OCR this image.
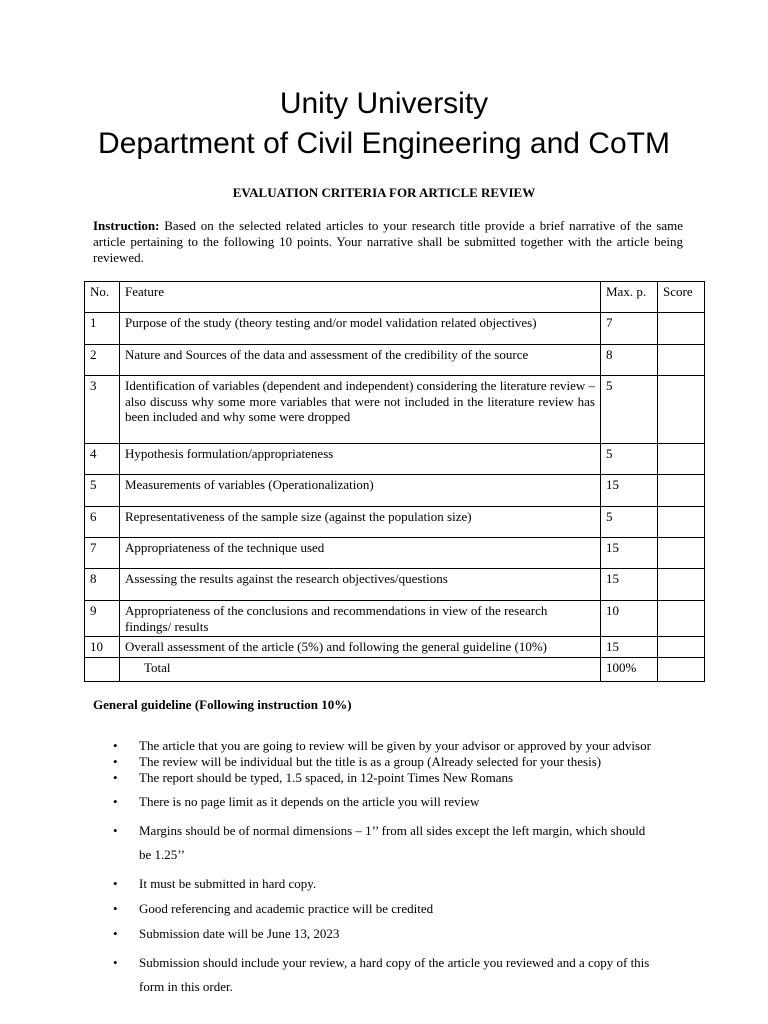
Unity University
Department of Civil Engineering and CoTM
EVALUATION CRITERIA FOR ARTICLE REVIEW
Instruction: Based on the selected related articles to your research title provide a brief narrative of the same article pertaining to the following 10 points. Your narrative shall be submitted together with the article being reviewed.
No.	Feature	Max. p.	Score
1	Purpose of the study (theory testing and/or model validation related objectives)	7	
2	Nature and Sources of the data and assessment of the credibility of the source	8	
3	Identification of variables (dependent and independent) considering the literature review – also discuss why some more variables that were not included in the literature review has been included and why some were dropped	5	
4	Hypothesis formulation/appropriateness	5	
5	Measurements of variables (Operationalization)	15	
6	Representativeness of the sample size (against the population size)	5	
7	Appropriateness of the technique used	15	
8	Assessing the results against the research objectives/questions	15	
9	Appropriateness of the conclusions and recommendations in view of the research findings/ results	10	
10	Overall assessment of the article (5%) and following the general guideline (10%)	15	
	Total	100%	
General guideline (Following instruction 10%)
• The article that you are going to review will be given by your advisor or approved by your advisor
• The review will be individual but the title is as a group (Already selected for your thesis)
• The report should be typed, 1.5 spaced, in 12-point Times New Romans
• There is no page limit as it depends on the article you will review
• Margins should be of normal dimensions – 1’’ from all sides except the left margin, which should be 1.25’’
• It must be submitted in hard copy.
• Good referencing and academic practice will be credited
• Submission date will be June 13, 2023
• Submission should include your review, a hard copy of the article you reviewed and a copy of this form in this order.
